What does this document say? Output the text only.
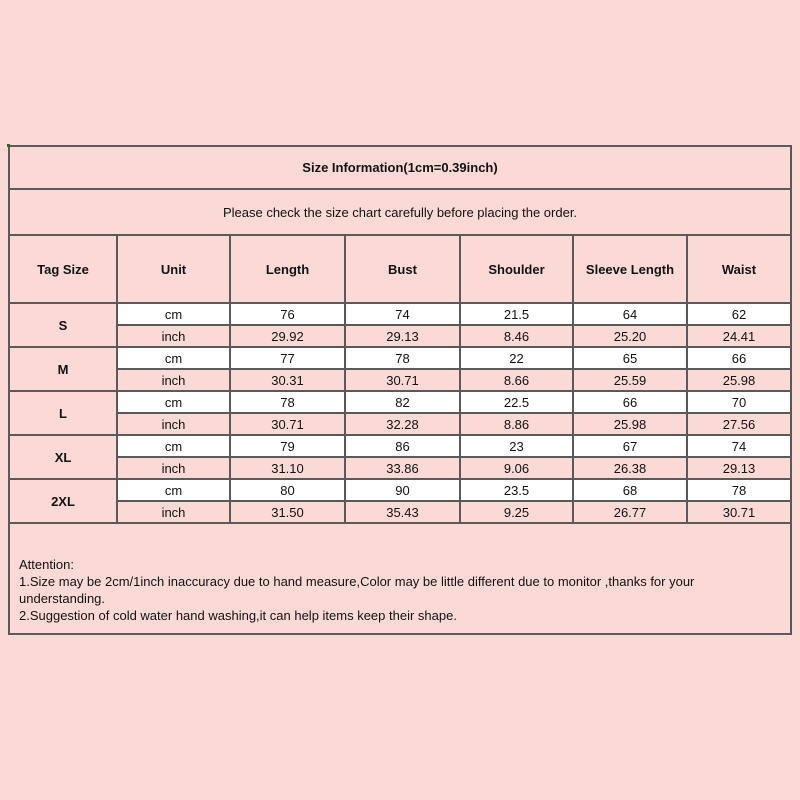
Size Information(1cm=0.39inch)
Please check the size chart carefully before placing the order.
Tag Size	Unit	Length	Bust	Shoulder	Sleeve Length	Waist
S	cm	76	74	21.5	64	62
	inch	29.92	29.13	8.46	25.20	24.41
M	cm	77	78	22	65	66
	inch	30.31	30.71	8.66	25.59	25.98
L	cm	78	82	22.5	66	70
	inch	30.71	32.28	8.86	25.98	27.56
XL	cm	79	86	23	67	74
	inch	31.10	33.86	9.06	26.38	29.13
2XL	cm	80	90	23.5	68	78
	inch	31.50	35.43	9.25	26.77	30.71
Attention:
1.Size may be 2cm/1inch inaccuracy due to hand measure,Color may be little different due to monitor ,thanks for your understanding.
2.Suggestion of cold water hand washing,it can help items keep their shape.
